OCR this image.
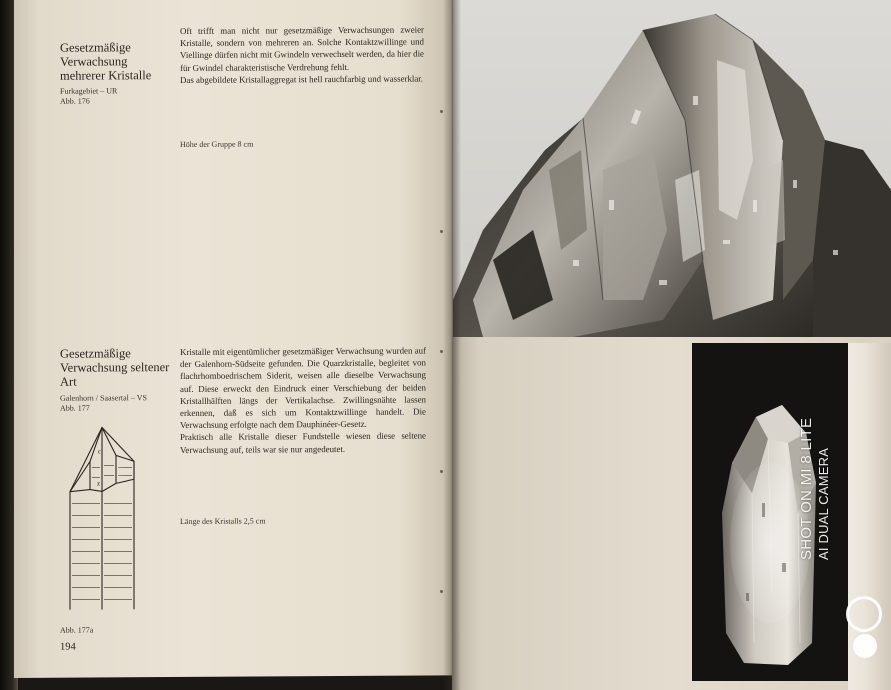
Gesetzmäßige
Verwachsung
mehrerer Kristalle
Furkagebiet – UR
Abb. 176

Oft trifft man nicht nur gesetzmäßige Verwachsungen zweier Kristalle, sondern von mehreren an. Solche Kontaktzwillinge und Viellinge dürfen nicht mit Gwindeln verwechselt werden, da hier die für Gwindel charakteristische Verdrehung fehlt.

Das abgebildete Kristallaggregat ist hell rauchfarbig und wasserklar.

Höhe der Gruppe 8 cm
Gesetzmäßige
Verwachsung seltener
Art
Galenhorn / Saasertal – VS
Abb. 177

Kristalle mit eigentümlicher gesetzmäßiger Verwachsung wurden auf der Galenhorn-Südseite gefunden. Die Quarzkristalle, begleitet von flachrhomboedrischem Siderit, weisen alle dieselbe Verwachsung auf. Diese erweckt den Eindruck einer Verschiebung der beiden Kristallhälften längs der Vertikalachse. Zwillingsnähte lassen erkennen, daß es sich um Kontaktzwillinge handelt. Die Verwachsung erfolgte nach dem Dauphinéer-Gesetz.

Praktisch alle Kristalle dieser Fundstelle wiesen diese seltene Verwachsung auf, teils war sie nur angedeutet.

Länge des Kristalls 2,5 cm
c
z
Abb. 177a
194
SHOT ON MI 8 LITE AI DUAL CAMERA
